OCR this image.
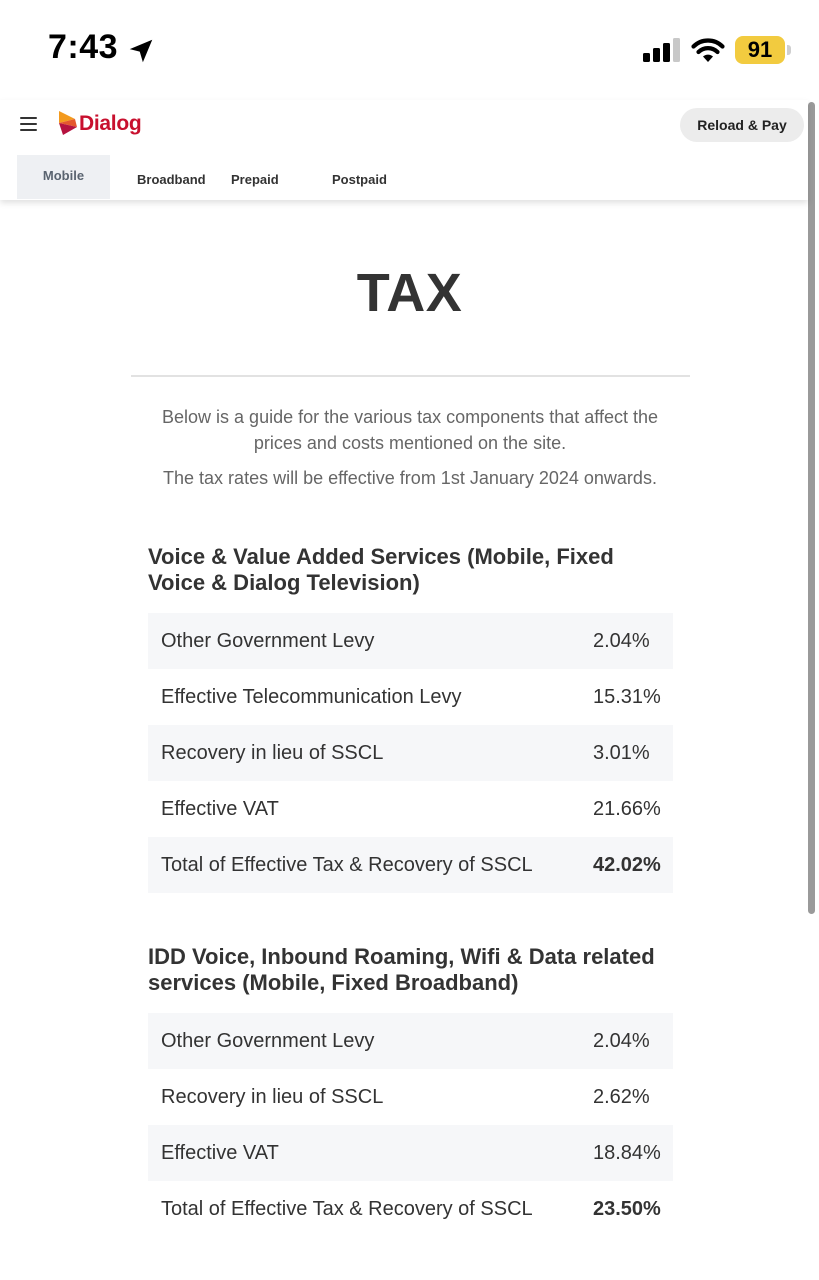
7:43	91
Dialog	Reload & Pay
Mobile	Broadband	Prepaid	Postpaid
TAX

Below is a guide for the various tax components that affect the prices and costs mentioned on the site.

The tax rates will be effective from 1st January 2024 onwards.

Voice & Value Added Services (Mobile, Fixed Voice & Dialog Television)
Other Government Levy	2.04%
Effective Telecommunication Levy	15.31%
Recovery in lieu of SSCL	3.01%
Effective VAT	21.66%
Total of Effective Tax & Recovery of SSCL	42.02%
IDD Voice, Inbound Roaming, Wifi & Data related services (Mobile, Fixed Broadband)
Other Government Levy	2.04%
Recovery in lieu of SSCL	2.62%
Effective VAT	18.84%
Total of Effective Tax & Recovery of SSCL	23.50%
